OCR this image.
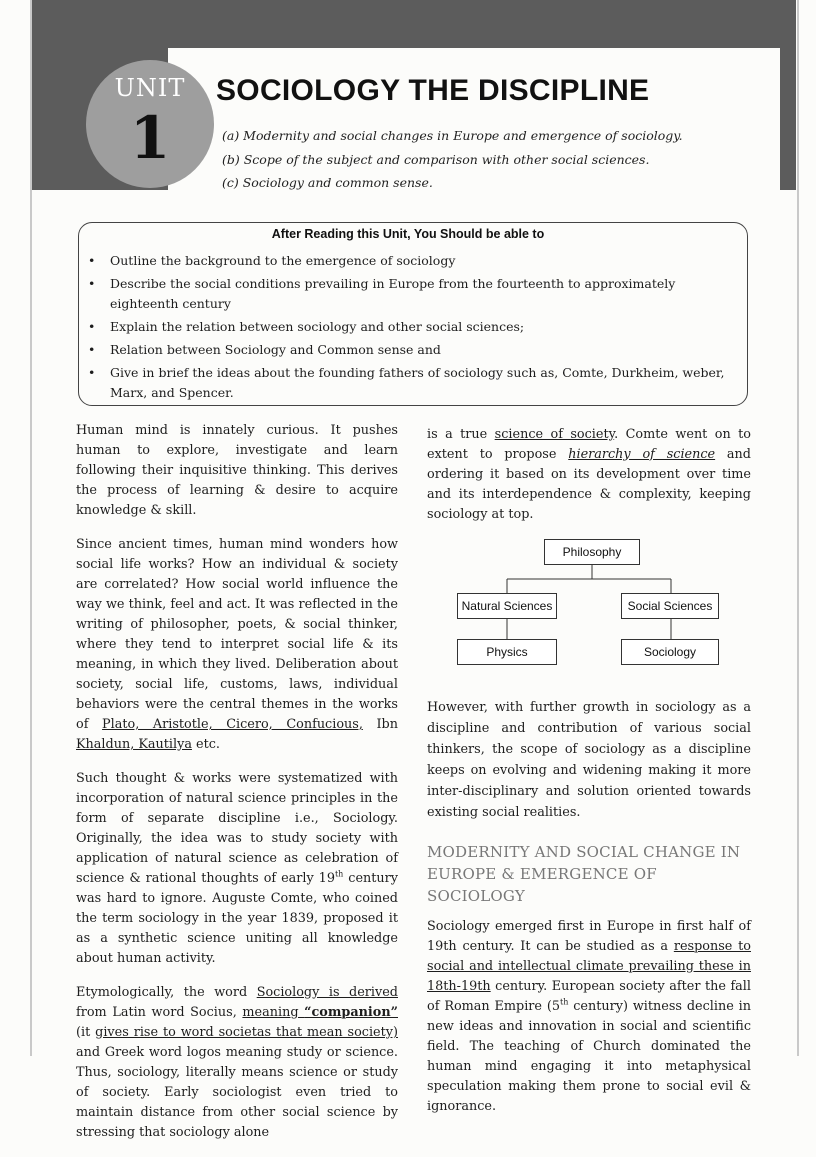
UNIT
1
SOCIOLOGY THE DISCIPLINE
(a) Modernity and social changes in Europe and emergence of sociology.
(b) Scope of the subject and comparison with other social sciences.
(c) Sociology and common sense.
After Reading this Unit, You Should be able to
• Outline the background to the emergence of sociology
• Describe the social conditions prevailing in Europe from the fourteenth to approximately eighteenth century
• Explain the relation between sociology and other social sciences;
• Relation between Sociology and Common sense and
• Give in brief the ideas about the founding fathers of sociology such as, Comte, Durkheim, weber, Marx, and Spencer.

Human mind is innately curious. It pushes human to explore, investigate and learn following their inquisitive thinking. This derives the process of learning & desire to acquire knowledge & skill.

Since ancient times, human mind wonders how social life works? How an individual & society are correlated? How social world influence the way we think, feel and act. It was reflected in the writing of philosopher, poets, & social thinker, where they tend to interpret social life & its meaning, in which they lived. Deliberation about society, social life, customs, laws, individual behaviors were the central themes in the works of Plato, Aristotle, Cicero, Confucious, Ibn Khaldun, Kautilya etc.

Such thought & works were systematized with incorporation of natural science principles in the form of separate discipline i.e., Sociology. Originally, the idea was to study society with application of natural science as celebration of science & rational thoughts of early 19th century was hard to ignore. Auguste Comte, who coined the term sociology in the year 1839, proposed it as a synthetic science uniting all knowledge about human activity.

Etymologically, the word Sociology is derived from Latin word Socius, meaning “companion” (it gives rise to word societas that mean society) and Greek word logos meaning study or science. Thus, sociology, literally means science or study of society. Early sociologist even tried to maintain distance from other social science by stressing that sociology alone

is a true science of society. Comte went on to extent to propose hierarchy of science and ordering it based on its development over time and its interdependence & complexity, keeping sociology at top.

Philosophy
Natural Sciences	Social Sciences
Physics	Sociology

However, with further growth in sociology as a discipline and contribution of various social thinkers, the scope of sociology as a discipline keeps on evolving and widening making it more inter-disciplinary and solution oriented towards existing social realities.

MODERNITY AND SOCIAL CHANGE IN
EUROPE & EMERGENCE OF SOCIOLOGY

Sociology emerged first in Europe in first half of 19th century. It can be studied as a response to social and intellectual climate prevailing these in 18th-19th century. European society after the fall of Roman Empire (5th century) witness decline in new ideas and innovation in social and scientific field. The teaching of Church dominated the human mind engaging it into metaphysical speculation making them prone to social evil & ignorance.
